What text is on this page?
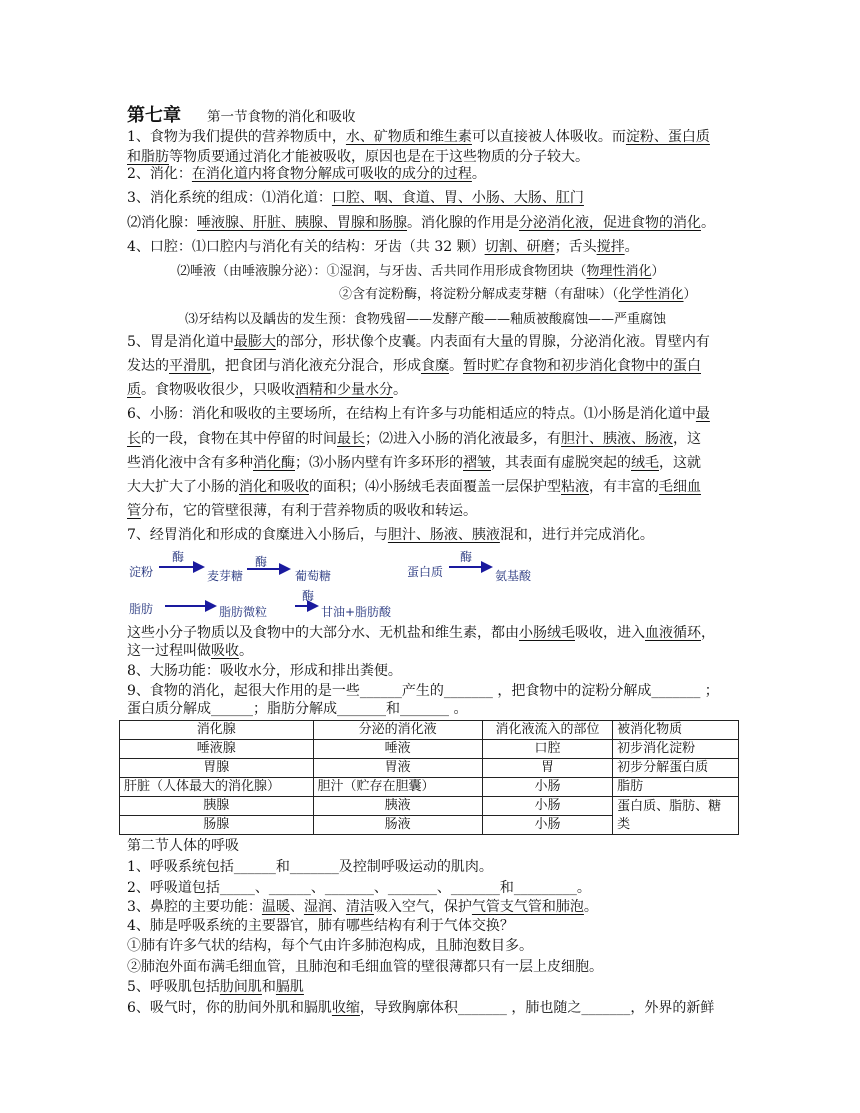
第七章 第一节食物的消化和吸收
1、食物为我们提供的营养物质中，水、矿物质和维生素可以直接被人体吸收。而淀粉、蛋白质
和脂肪等物质要通过消化才能被吸收，原因也是在于这些物质的分子较大。
2、消化：在消化道内将食物分解成可吸收的成分的过程。
3、消化系统的组成：⑴消化道：口腔、咽、食道、胃、小肠、大肠、肛门
⑵消化腺：唾液腺、肝脏、胰腺、胃腺和肠腺。消化腺的作用是分泌消化液，促进食物的消化。
4、口腔：⑴口腔内与消化有关的结构：牙齿（共 32 颗）切割、研磨；舌头搅拌。
⑵唾液（由唾液腺分泌）：①湿润，与牙齿、舌共同作用形成食物团块（物理性消化）
②含有淀粉酶，将淀粉分解成麦芽糖（有甜味）（化学性消化）
⑶牙结构以及龋齿的发生预：食物残留——发酵产酸——釉质被酸腐蚀——严重腐蚀
5、胃是消化道中最膨大的部分，形状像个皮囊。内表面有大量的胃腺，分泌消化液。胃壁内有
发达的平滑肌，把食团与消化液充分混合，形成食糜。暂时贮存食物和初步消化食物中的蛋白
质。食物吸收很少，只吸收酒精和少量水分。
6、小肠：消化和吸收的主要场所，在结构上有许多与功能相适应的特点。⑴小肠是消化道中最
长的一段，食物在其中停留的时间最长；⑵进入小肠的消化液最多，有胆汁、胰液、肠液，这
些消化液中含有多种消化酶；⑶小肠内壁有许多环形的褶皱，其表面有虚脱突起的绒毛，这就
大大扩大了小肠的消化和吸收的面积；⑷小肠绒毛表面覆盖一层保护型粘液，有丰富的毛细血
管分布，它的管壁很薄，有利于营养物质的吸收和转运。
7、经胃消化和形成的食糜进入小肠后，与胆汁、肠液、胰液混和，进行并完成消化。
淀粉
酶
麦芽糖
酶
葡萄糖	蛋白质
酶
氨基酸
脂肪	脂肪微粒
酶
甘油+脂肪酸
这些小分子物质以及食物中的大部分水、无机盐和维生素，都由小肠绒毛吸收，进入血液循环，
这一过程叫做吸收。
8、大肠功能：吸收水分，形成和排出粪便。
9、食物的消化，起很大作用的是一些______产生的_______ ，把食物中的淀粉分解成_______ ；
蛋白质分解成______；脂肪分解成_______和_______ 。
消化腺	分泌的消化液	消化液流入的部位	被消化物质
唾液腺	唾液	口腔	初步消化淀粉
胃腺	胃液	胃	初步分解蛋白质
肝脏（人体最大的消化腺）	胆汁（贮存在胆囊）	小肠	脂肪
胰腺	胰液	小肠	蛋白质、脂肪、糖类
肠腺	肠液	小肠	
第二节人体的呼吸
1、呼吸系统包括______和_______及控制呼吸运动的肌肉。
2、呼吸道包括_____、______、_______、_______、_______和_________。
3、鼻腔的主要功能：温暖、湿润、清洁吸入空气，保护气管支气管和肺泡。
4、肺是呼吸系统的主要器官，肺有哪些结构有利于气体交换？
①肺有许多气状的结构，每个气由许多肺泡构成，且肺泡数目多。
②肺泡外面布满毛细血管，且肺泡和毛细血管的壁很薄都只有一层上皮细胞。
5、呼吸肌包括肋间肌和膈肌
6、吸气时，你的肋间外肌和膈肌收缩，导致胸廓体积_______ ，肺也随之_______，外界的新鲜
